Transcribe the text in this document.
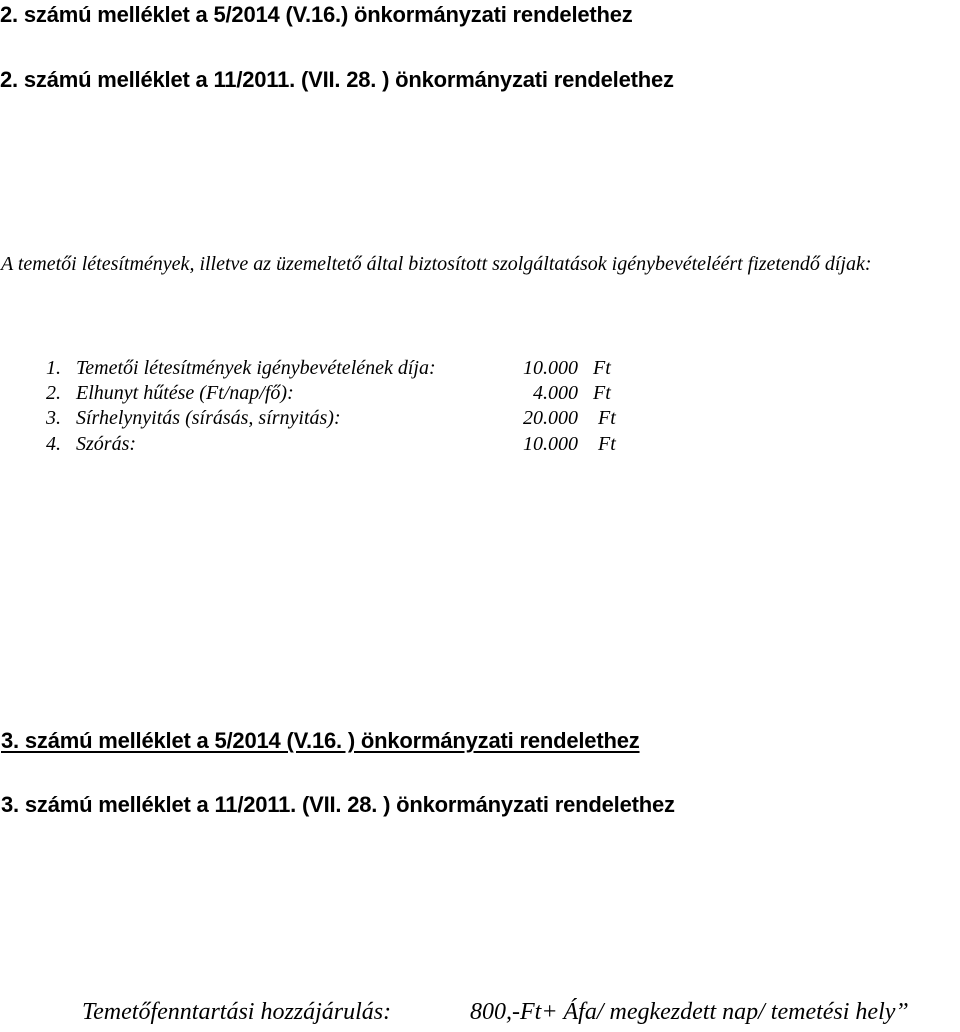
2. számú melléklet a 5/2014 (V.16.) önkormányzati rendelethez
2. számú melléklet a 11/2011. (VII. 28. ) önkormányzati rendelethez
A temetői létesítmények, illetve az üzemeltető által biztosított szolgáltatások igénybevételéért fizetendő díjak:
1. Temetői létesítmények igénybevételének díja:	10.000 Ft
2. Elhunyt hűtése (Ft/nap/fő):	4.000 Ft
3. Sírhelynyitás (sírásás, sírnyitás):	20.000 Ft
4. Szórás:	10.000 Ft
3. számú melléklet a 5/2014 (V.16. ) önkormányzati rendelethez
3. számú melléklet a 11/2011. (VII. 28. ) önkormányzati rendelethez
Temetőfenntartási hozzájárulás:	800,-Ft+ Áfa/ megkezdett nap/ temetési hely”
